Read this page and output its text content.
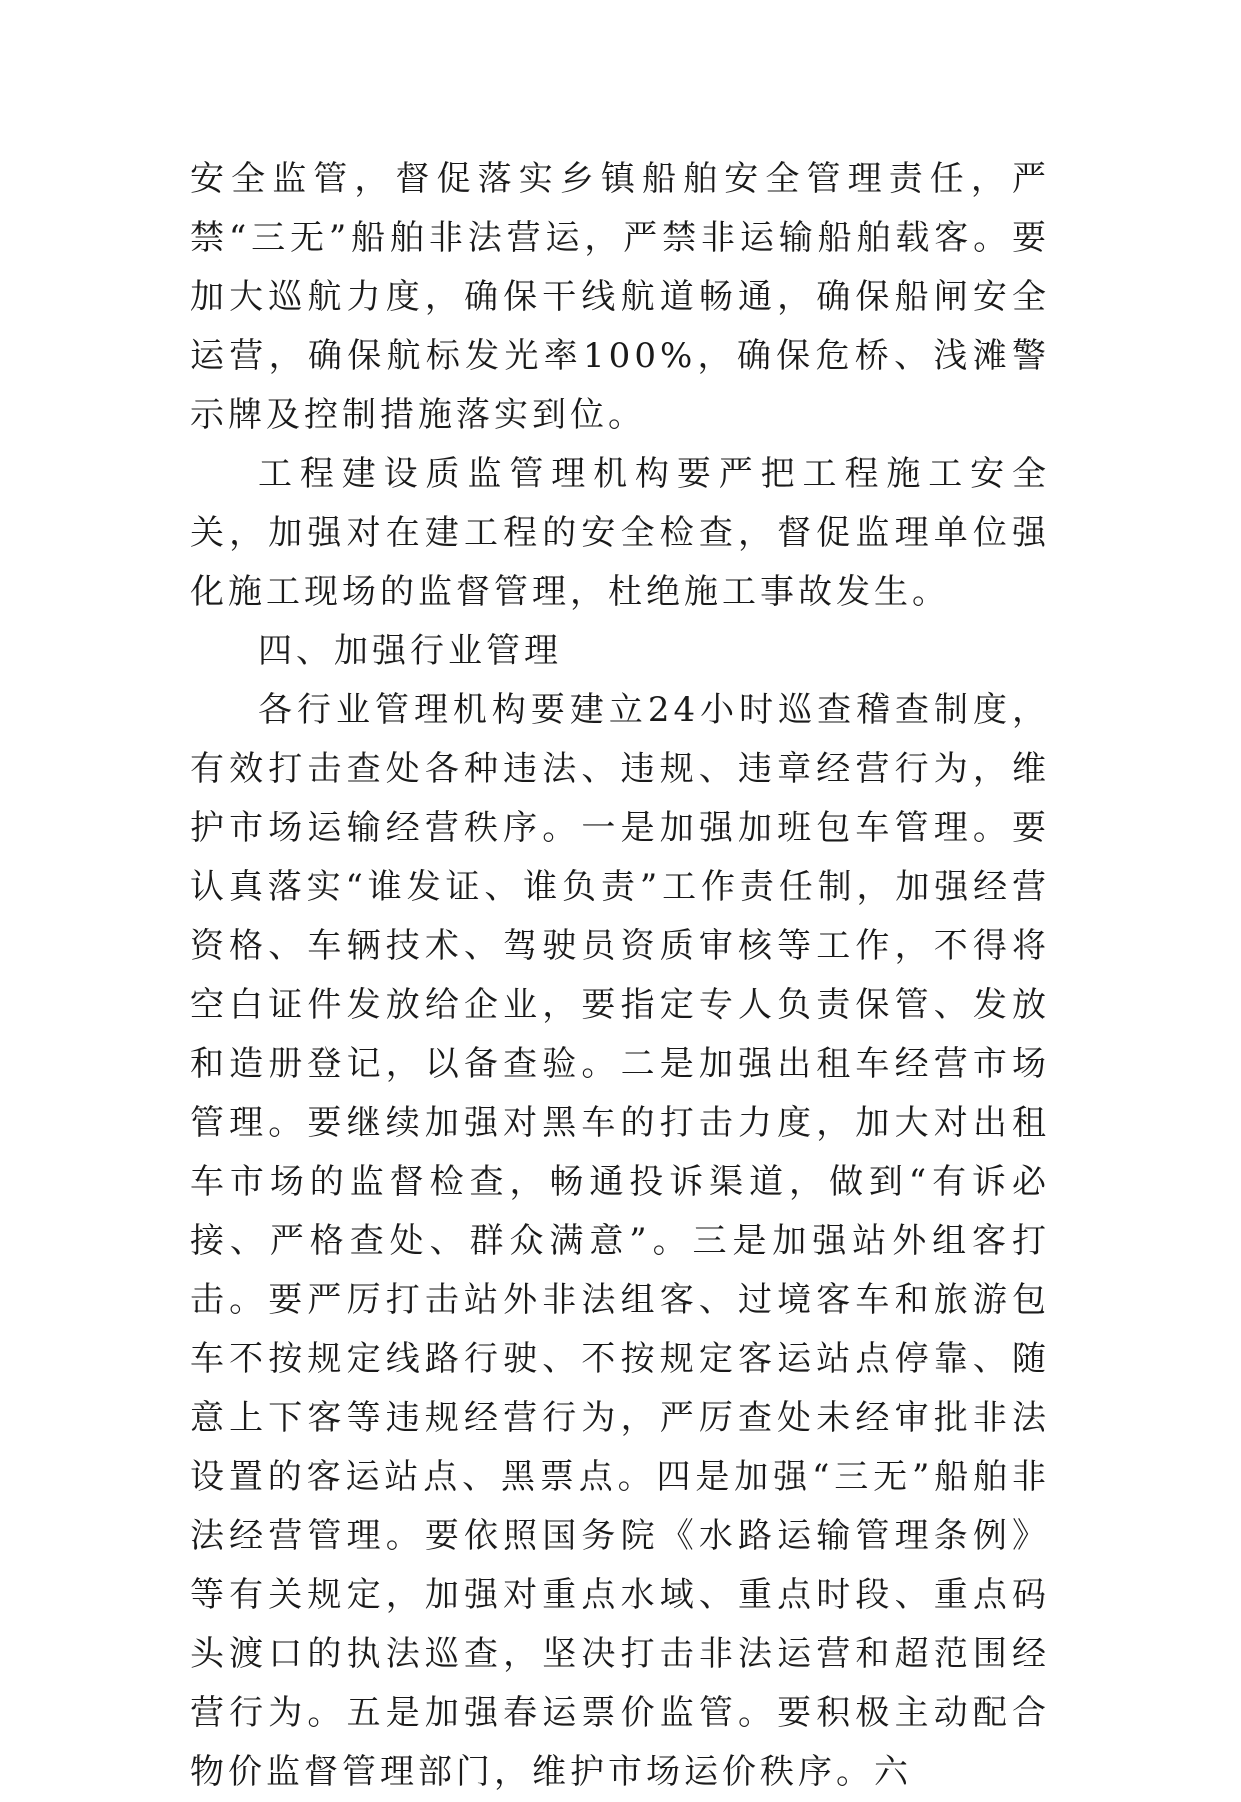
安全监管，督促落实乡镇船舶安全管理责任，严禁“三无”船舶非法营运，严禁非运输船舶载客。要加大巡航力度，确保干线航道畅通，确保船闸安全运营，确保航标发光率100%，确保危桥、浅滩警示牌及控制措施落实到位。

工程建设质监管理机构要严把工程施工安全关，加强对在建工程的安全检查，督促监理单位强化施工现场的监督管理，杜绝施工事故发生。

四、加强行业管理

各行业管理机构要建立24小时巡查稽查制度，有效打击查处各种违法、违规、违章经营行为，维护市场运输经营秩序。一是加强加班包车管理。要认真落实“谁发证、谁负责”工作责任制，加强经营资格、车辆技术、驾驶员资质审核等工作，不得将空白证件发放给企业，要指定专人负责保管、发放和造册登记，以备查验。二是加强出租车经营市场管理。要继续加强对黑车的打击力度，加大对出租车市场的监督检查，畅通投诉渠道，做到“有诉必接、严格查处、群众满意”。三是加强站外组客打击。要严厉打击站外非法组客、过境客车和旅游包车不按规定线路行驶、不按规定客运站点停靠、随意上下客等违规经营行为，严厉查处未经审批非法设置的客运站点、黑票点。四是加强“三无”船舶非法经营管理。要依照国务院《水路运输管理条例》等有关规定，加强对重点水域、重点时段、重点码头渡口的执法巡查，坚决打击非法运营和超范围经营行为。五是加强春运票价监管。要积极主动配合物价监督管理部门，维护市场运价秩序。六
